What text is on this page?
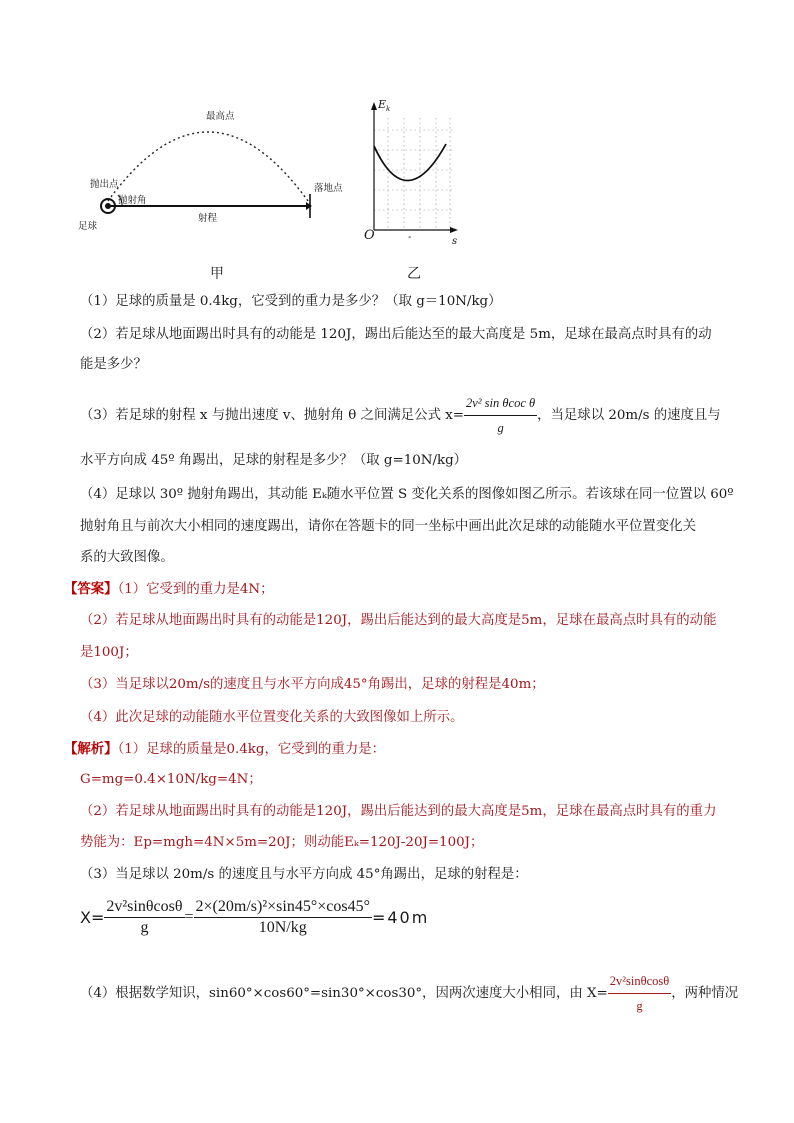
最高点
抛出点
抛射角
射程
落地点
足球
甲
$E_k$
s
O	-
乙
（1）足球的质量是 0.4kg，它受到的重力是多少？（取 g＝10N/kg）
（2）若足球从地面踢出时具有的动能是 120J，踢出后能达至的最大高度是 5m，足球在最高点时具有的动
能是多少？
（3）若足球的射程 x 与抛出速度 v、抛射角 θ 之间满足公式 $x= \frac{\text{2v² sin θcoc θ}}{g}$ ，当足球以 20m/s 的速度且与
水平方向成 45º 角踢出，足球的射程是多少？（取 g=10N/kg）
（4）足球以 30º 抛射角踢出，其动能 Eₖ随水平位置 S 变化关系的图像如图乙所示。若该球在同一位置以 60º
抛射角且与前次大小相同的速度踢出，请你在答题卡的同一坐标中画出此次足球的动能随水平位置变化关
系的大致图像。
【答案】（1）它受到的重力是4N；
（2）若足球从地面踢出时具有的动能是120J，踢出后能达到的最大高度是5m，足球在最高点时具有的动能
是100J；
（3）当足球以20m/s的速度且与水平方向成45°角踢出，足球的射程是40m；
（4）此次足球的动能随水平位置变化关系的大致图像如上所示。
【解析】（1）足球的质量是0.4kg，它受到的重力是：
G=mg=0.4×10N/kg=4N；
（2）若足球从地面踢出时具有的动能是120J，踢出后能达到的最大高度是5m，足球在最高点时具有的重力
势能为：Ep=mgh=4N×5m=20J；则动能Eₖ=120J-20J=100J；
（3）当足球以 20m/s 的速度且与水平方向成 45°角踢出，足球的射程是：
$X= \frac{\text{2v²sinθcosθ}}{g} = \frac{\text{2×(20m/s)²×sin45°×cos45°}}{10N/kg} =40m$
（4）根据数学知识，sin60°×cos60°=sin30°×cos30°，因两次速度大小相同，由 $X= \frac{\text{2v²sinθcosθ}}{g}$ ，两种情况
